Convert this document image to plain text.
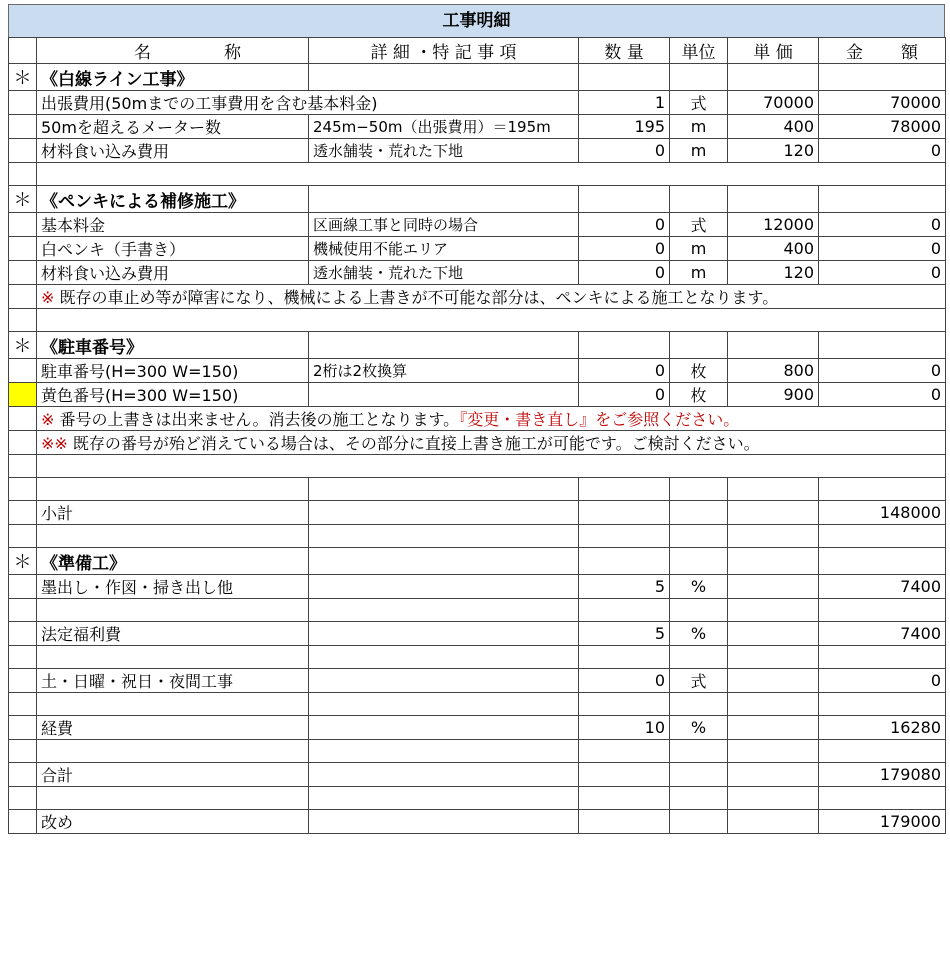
工事明細
	名 称	詳 細 ・特 記 事 項	数 量	単位	単 価	金 額
＊	《白線ライン工事》					
	出張費用(50mまでの工事費用を含む基本料金)		1	式	70000	70000
	50mを超えるメーター数	245m−50m（出張費用）＝195m	195	m	400	78000
	材料食い込み費用	透水舗装・荒れた下地	0	m	120	0

＊	《ペンキによる補修施工》					
	基本料金	区画線工事と同時の場合	0	式	12000	0
	白ペンキ（手書き）	機械使用不能エリア	0	m	400	0
	材料食い込み費用	透水舗装・荒れた下地	0	m	120	0
	※ 既存の車止め等が障害になり、機械による上書きが不可能な部分は、ペンキによる施工となります。					

＊	《駐車番号》					
	駐車番号(H=300 W=150)	2桁は2枚換算	0	枚	800	0
	黄色番号(H=300 W=150)		0	枚	900	0
	※ 番号の上書きは出来ません。消去後の施工となります。『変更・書き直し』をご参照ください。					
	※※ 既存の番号が殆ど消えている場合は、その部分に直接上書き施工が可能です。ご検討ください。					

	小計					148000

＊	《準備工》					
	墨出し・作図・掃き出し他		5	%		7400

	法定福利費		5	%		7400

	土・日曜・祝日・夜間工事		0	式		0

	経費		10	%		16280

	合計					179080

	改め					179000
